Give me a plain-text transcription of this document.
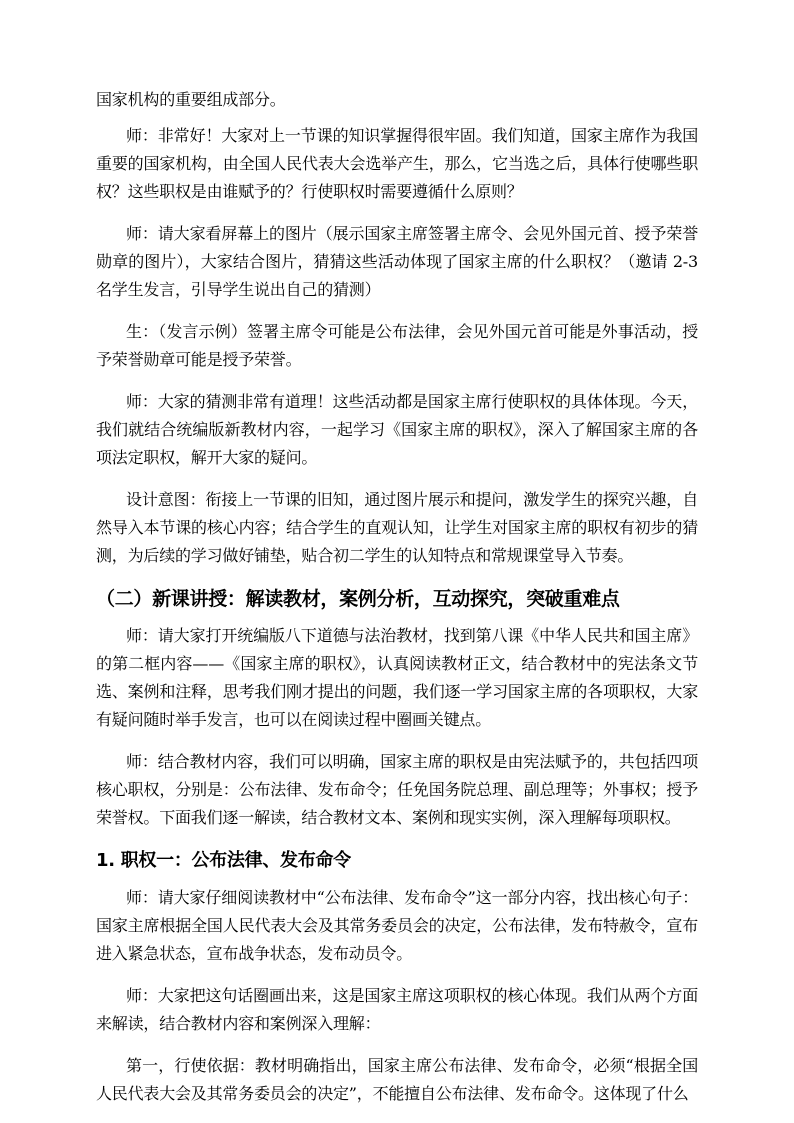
国家机构的重要组成部分。

师：非常好！大家对上一节课的知识掌握得很牢固。我们知道，国家主席作为我国重要的国家机构，由全国人民代表大会选举产生，那么，它当选之后，具体行使哪些职权？这些职权是由谁赋予的？行使职权时需要遵循什么原则？

师：请大家看屏幕上的图片（展示国家主席签署主席令、会见外国元首、授予荣誉勋章的图片），大家结合图片，猜猜这些活动体现了国家主席的什么职权？（邀请 2-3 名学生发言，引导学生说出自己的猜测）

生：（发言示例）签署主席令可能是公布法律，会见外国元首可能是外事活动，授予荣誉勋章可能是授予荣誉。

师：大家的猜测非常有道理！这些活动都是国家主席行使职权的具体体现。今天，我们就结合统编版新教材内容，一起学习《国家主席的职权》，深入了解国家主席的各项法定职权，解开大家的疑问。

设计意图：衔接上一节课的旧知，通过图片展示和提问，激发学生的探究兴趣，自然导入本节课的核心内容；结合学生的直观认知，让学生对国家主席的职权有初步的猜测，为后续的学习做好铺垫，贴合初二学生的认知特点和常规课堂导入节奏。

（二）新课讲授：解读教材，案例分析，互动探究，突破重难点

师：请大家打开统编版八下道德与法治教材，找到第八课《中华人民共和国主席》的第二框内容——《国家主席的职权》，认真阅读教材正文，结合教材中的宪法条文节选、案例和注释，思考我们刚才提出的问题，我们逐一学习国家主席的各项职权，大家有疑问随时举手发言，也可以在阅读过程中圈画关键点。

师：结合教材内容，我们可以明确，国家主席的职权是由宪法赋予的，共包括四项核心职权，分别是：公布法律、发布命令；任免国务院总理、副总理等；外事权；授予荣誉权。下面我们逐一解读，结合教材文本、案例和现实实例，深入理解每项职权。

1. 职权一：公布法律、发布命令

师：请大家仔细阅读教材中“公布法律、发布命令”这一部分内容，找出核心句子：国家主席根据全国人民代表大会及其常务委员会的决定，公布法律，发布特赦令，宣布进入紧急状态，宣布战争状态，发布动员令。

师：大家把这句话圈画出来，这是国家主席这项职权的核心体现。我们从两个方面来解读，结合教材内容和案例深入理解：

第一，行使依据：教材明确指出，国家主席公布法律、发布命令，必须“根据全国人民代表大会及其常务委员会的决定”，不能擅自公布法律、发布命令。这体现了什么
